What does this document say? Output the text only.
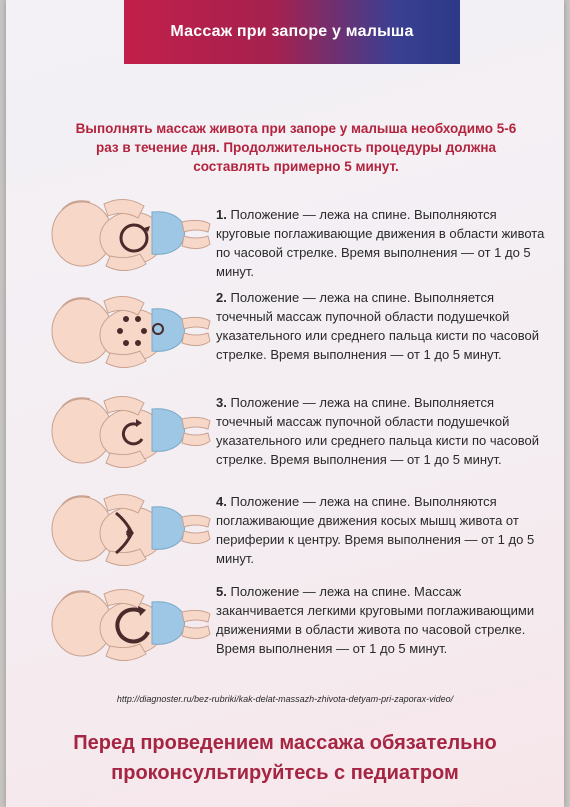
Массаж при запоре у малыша
Выполнять массаж живота при запоре у малыша необходимо 5-6 раз в течение дня. Продолжительность процедуры должна составлять примерно 5 минут.
1. Положение — лежа на спине. Выполняются круговые поглаживающие движения в области живота по часовой стрелке. Время выполнения — от 1 до 5 минут.
2. Положение — лежа на спине. Выполняется точечный массаж пупочной области подушечкой указательного или среднего пальца кисти по часовой стрелке. Время выполнения — от 1 до 5 минут.
3. Положение — лежа на спине. Выполняется точечный массаж пупочной области подушечкой указательного или среднего пальца кисти по часовой стрелке. Время выполнения — от 1 до 5 минут.
4. Положение — лежа на спине. Выполняются поглаживающие движения косых мышц живота от периферии к центру. Время выполнения — от 1 до 5 минут.
5. Положение — лежа на спине. Массаж заканчивается легкими круговыми поглаживающими движениями в области живота по часовой стрелке. Время выполнения — от 1 до 5 минут.
http://diagnoster.ru/bez-rubriki/kak-delat-massazh-zhivota-detyam-pri-zaporax-video/
Перед проведением массажа обязательно
проконсультируйтесь с педиатром
